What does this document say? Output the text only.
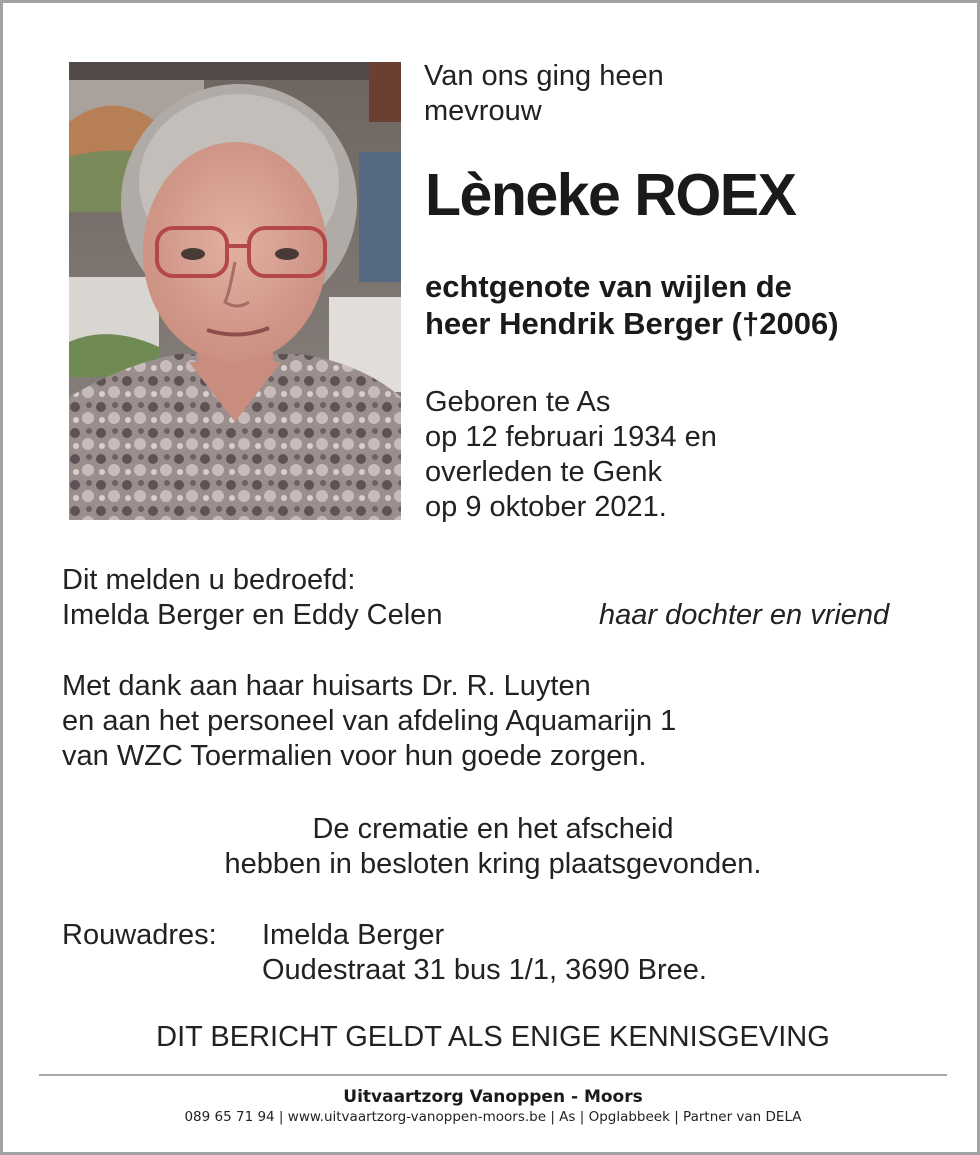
Van ons ging heen
mevrouw
Lèneke ROEX
echtgenote van wijlen de
heer Hendrik Berger (†2006)
Geboren te As
op 12 februari 1934 en
overleden te Genk
op 9 oktober 2021.
Dit melden u bedroefd:
Imelda Berger en Eddy Celen	haar dochter en vriend
Met dank aan haar huisarts Dr. R. Luyten
en aan het personeel van afdeling Aquamarijn 1
van WZC Toermalien voor hun goede zorgen.
De crematie en het afscheid
hebben in besloten kring plaatsgevonden.
Rouwadres: Imelda Berger
Oudestraat 31 bus 1/1, 3690 Bree.
DIT BERICHT GELDT ALS ENIGE KENNISGEVING
Uitvaartzorg Vanoppen - Moors
089 65 71 94 | www.uitvaartzorg-vanoppen-moors.be | As | Opglabbeek | Partner van DELA
